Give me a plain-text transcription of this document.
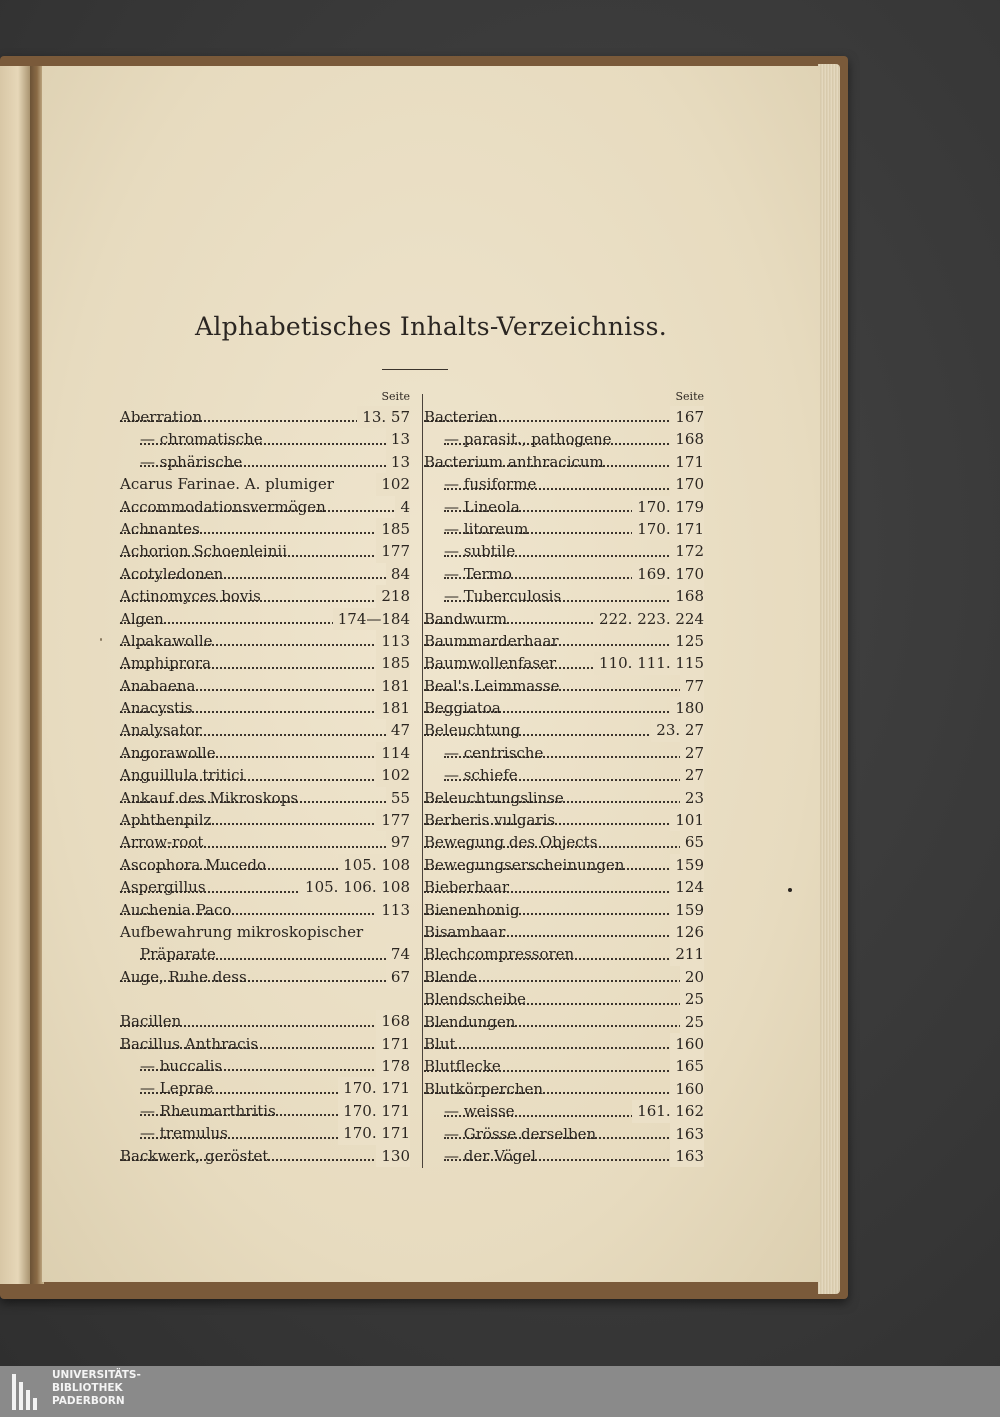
Alphabetisches Inhalts-Verzeichniss.
Seite
Aberration	13. 57
— chromatische	13
— sphärische	13
Acarus Farinae. A. plumiger	102
Accommodationsvermögen	4
Achnantes	185
Achorion Schoenleinii	177
Acotyledonen	84
Actinomyces bovis	218
Algen	174—184
Alpakawolle	113
Amphiprora	185
Anabaena	181
Anacystis	181
Analysator	47
Angorawolle	114
Anguillula tritici	102
Ankauf des Mikroskops	55
Aphthenpilz	177
Arrow-root	97
Ascophora Mucedo	105. 108
Aspergillus	105. 106. 108
Auchenia Paco	113
Aufbewahrung mikroskopischer
Präparate	74
Auge, Ruhe dess.	67
Bacillen	168
Bacillus Anthracis	171
— buccalis	178
— Leprae	170. 171
— Rheumarthritis	170. 171
— tremulus	170. 171
Backwerk, geröstet	130
Seite
Bacterien	167
— parasit., pathogene	168
Bacterium anthracicum	171
— fusiforme	170
— Lineola	170. 179
— litoreum	170. 171
— subtile	172
— Termo	169. 170
— Tuberculosis	168
Bandwurm	222. 223. 224
Baummarderhaar	125
Baumwollenfaser	110. 111. 115
Beal's Leimmasse	77
Beggiatoa	180
Beleuchtung	23. 27
— centrische	27
— schiefe	27
Beleuchtungslinse	23
Berberis vulgaris	101
Bewegung des Objects	65
Bewegungserscheinungen	159
Bieberhaar	124
Bienenhonig	159
Bisamhaar	126
Blechcompressoren	211
Blende	20
Blendscheibe	25
Blendungen	25
Blut	160
Blutflecke	165
Blutkörperchen	160
— weisse	161. 162
— Grösse derselben	163
— der Vögel	163
UNIVERSITÄTS-
BIBLIOTHEK
PADERBORN
